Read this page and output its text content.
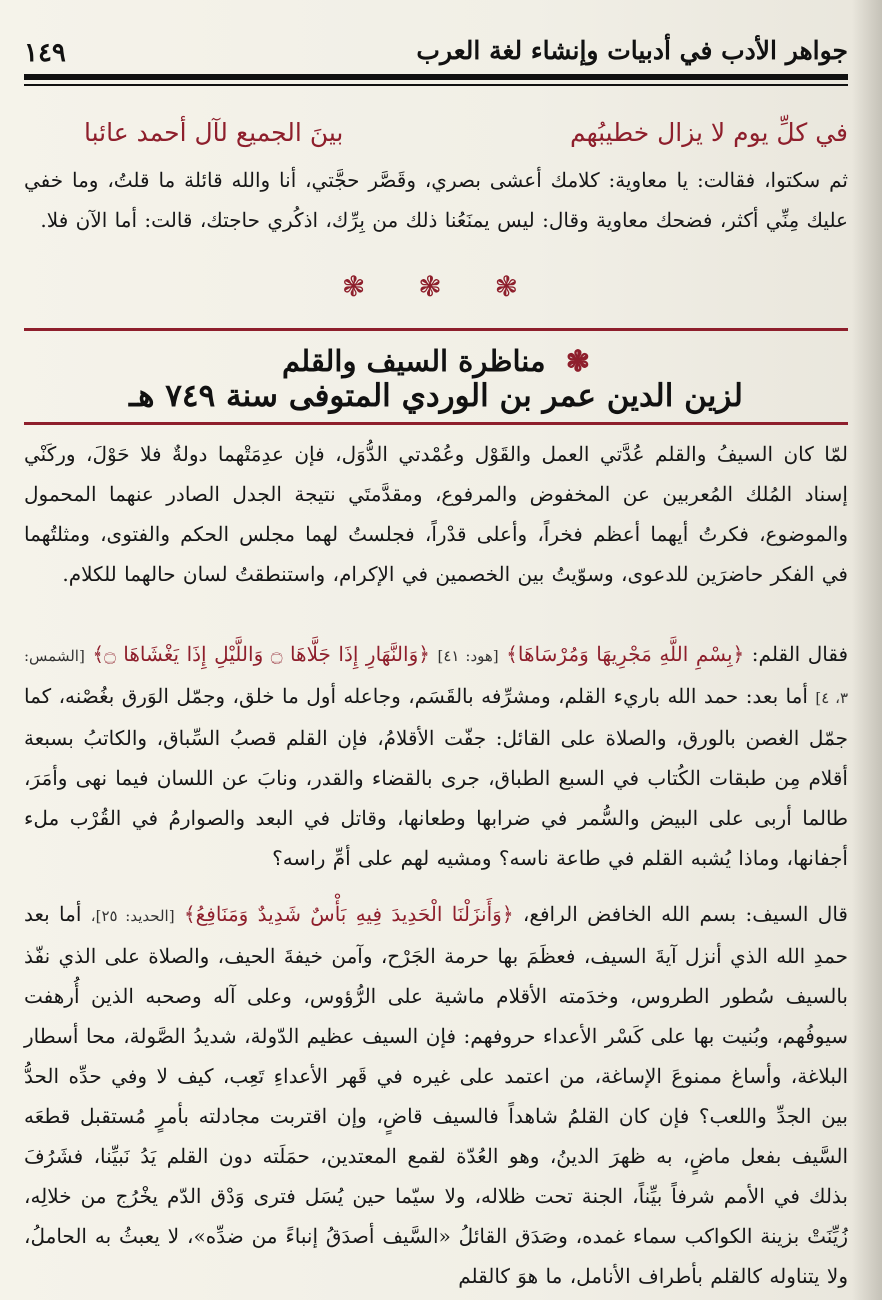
١٤٩	جواهر الأدب في أدبيات وإنشاء لغة العرب
في كلِّ يوم لا يزال خطيبُهم
بينَ الجميع لآل أحمد عائبا
ثم سكتوا، فقالت: يا معاوية: كلامك أعشى بصري، وقَصَّر حجَّتي، أنا والله قائلة ما قلتُ، وما خفي عليك مِنِّي أكثر، فضحك معاوية وقال: ليس يمنَعُنا ذلك من بِرِّك، اذكُري حاجتك، قالت: أما الآن فلا.
❃ ❃ ❃
❃ مناظرة السيف والقلم
لزين الدين عمر بن الوردي المتوفى سنة ٧٤٩ هـ
لمّا كان السيفُ والقلم عُدَّتي العمل والقَوْل وعُمْدتي الدُّوَل، فإن عدِمَتْهما دولةٌ فلا حَوْلَ، وركَنْي إسناد المُلك المُعربين عن المخفوض والمرفوع، ومقدَّمتَي نتيجة الجدل الصادر عنهما المحمول والموضوع، فكرتُ أيهما أعظم فخراً، وأعلى قدْراً، فجلستُ لهما مجلس الحكم والفتوى، ومثلتُهما في الفكر حاضرَين للدعوى، وسوّيتُ بين الخصمين في الإكرام، واستنطقتُ لسان حالهما للكلام.
فقال القلم: ﴿بِسْمِ اللَّهِ مَجْرِيهَا وَمُرْسَاهَا﴾ [هود: ٤١] ﴿وَالنَّهَارِ إِذَا جَلَّاهَا ۝ وَاللَّيْلِ إِذَا يَغْشَاهَا ۝﴾ [الشمس: ٣، ٤] أما بعد: حمد الله باريء القلم، ومشرِّفه بالقَسَم، وجاعله أول ما خلق، وجمّل الوَرق بغُصْنه، كما جمّل الغصن بالورق، والصلاة على القائل: جفّت الأقلامُ، فإن القلم قصبُ السِّباق، والكاتبُ بسبعة أقلام مِن طبقات الكُتاب في السبع الطباق، جرى بالقضاء والقدر، ونابَ عن اللسان فيما نهى وأمَرَ، طالما أربى على البيض والسُّمر في ضرابها وطعانها، وقاتل في البعد والصوارمُ في القُرْب ملء أجفانها، وماذا يُشبه القلم في طاعة ناسه؟ ومشيه لهم على أمِّ راسه؟
قال السيف: بسم الله الخافض الرافع، ﴿وَأَنزَلْنَا الْحَدِيدَ فِيهِ بَأْسٌ شَدِيدٌ وَمَنَافِعُ﴾ [الحديد: ٢٥]، أما بعد حمدِ الله الذي أنزل آيةَ السيف، فعظَمَ بها حرمة الجَرْح، وآمن خيفةَ الحيف، والصلاة على الذي نفّذ بالسيف سُطور الطروس، وخدَمته الأقلام ماشية على الرُّؤوس، وعلى آله وصحبه الذين أُرهفت سيوفُهم، وبُنيت بها على كَسْر الأعداء حروفهم: فإن السيف عظيم الدّولة، شديدُ الصَّولة، محا أسطار البلاغة، وأساغ ممنوعَ الإساغة، من اعتمد على غيره في قَهر الأعداءِ تَعِب، كيف لا وفي حدِّه الحدُّ بين الجدِّ واللعب؟ فإن كان القلمُ شاهداً فالسيف قاضٍ، وإن اقتربت مجادلته بأمرٍ مُستقبل قطعَه السَّيف بفعل ماضٍ، به ظهرَ الدينُ، وهو العُدّة لقمع المعتدين، حمَلَته دون القلم يَدُ نَبيِّنا، فشَرُفَ بذلك في الأمم شرفاً بيِّناً، الجنة تحت ظلاله، ولا سيّما حين يُسَل فترى وَدْق الدّم يخْرُج من خلالِه، زُيِّنَتْ بزينة الكواكب سماء غمده، وصَدَق القائلُ «السَّيف أصدَقُ إنباءً من ضدِّه»، لا يعبثُ به الحاملُ، ولا يتناوله كالقلم بأطراف الأنامل، ما هوَ كالقلم
